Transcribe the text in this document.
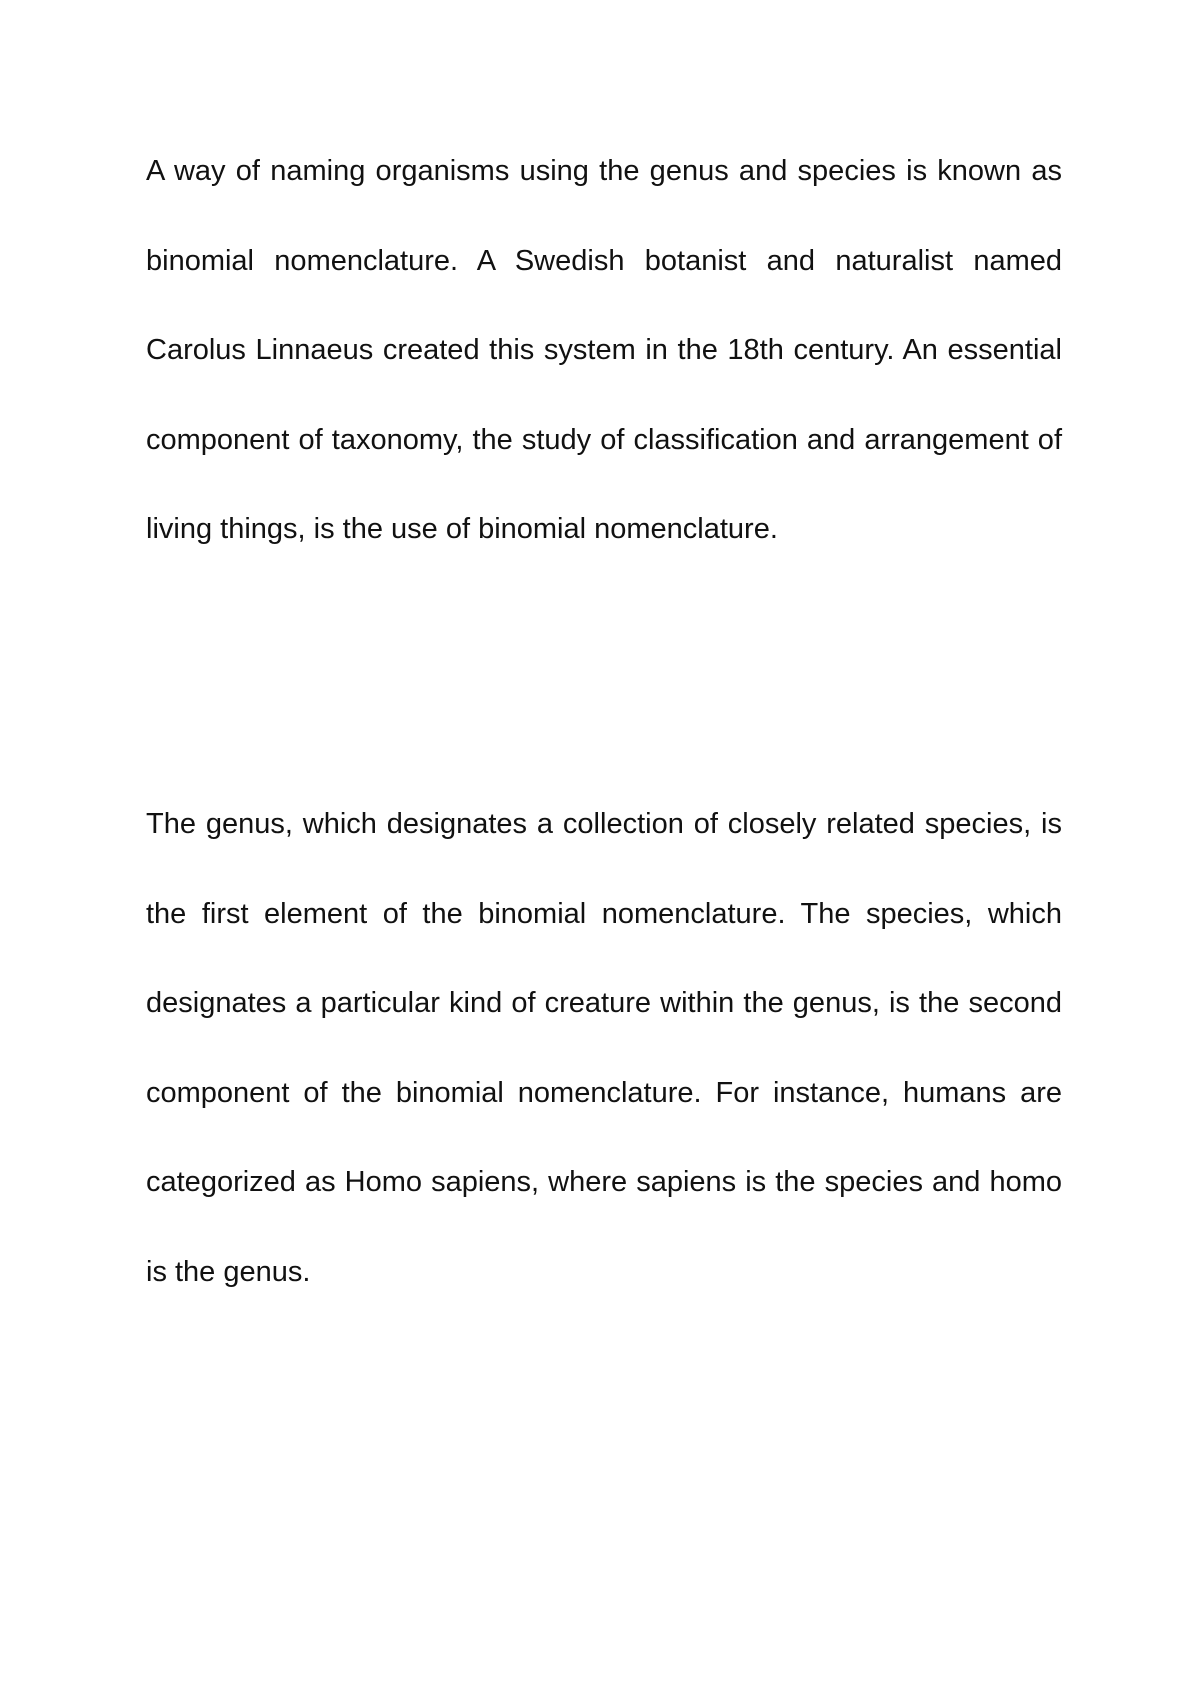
A way of naming organisms using the genus and species is known as binomial nomenclature. A Swedish botanist and naturalist named Carolus Linnaeus created this system in the 18th century. An essential component of taxonomy, the study of classification and arrangement of living things, is the use of binomial nomenclature.

The genus, which designates a collection of closely related species, is the first element of the binomial nomenclature. The species, which designates a particular kind of creature within the genus, is the second component of the binomial nomenclature. For instance, humans are categorized as Homo sapiens, where sapiens is the species and homo is the genus.
